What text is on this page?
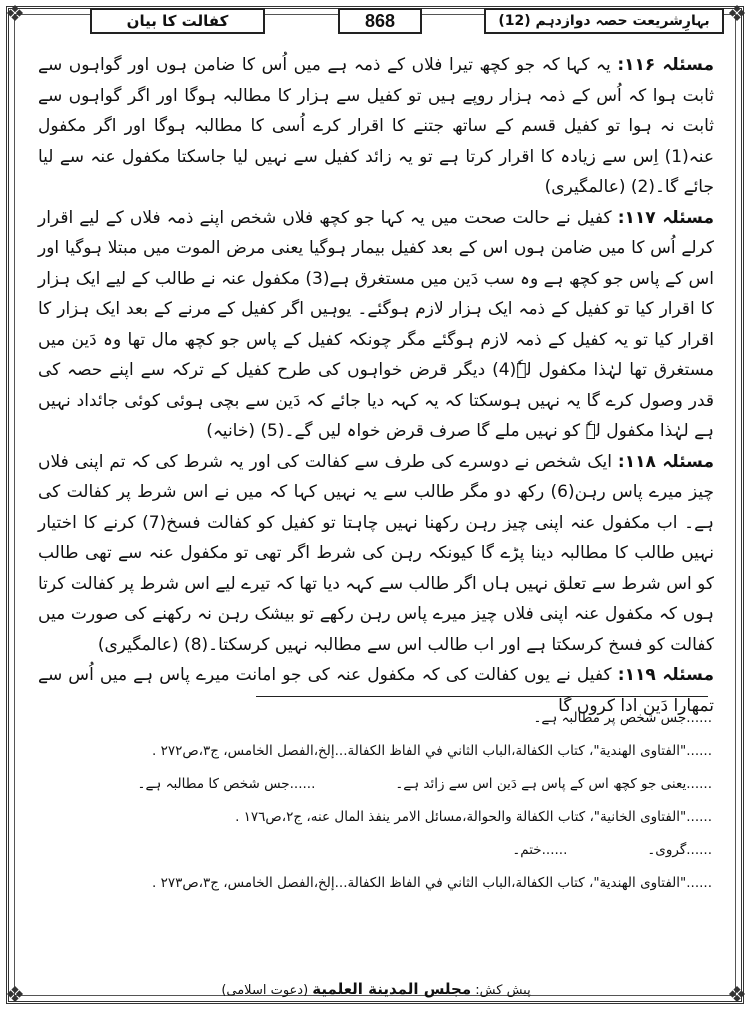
❖	❖
❖	❖
کفالت کا بیان	868	بہارِشریعت حصہ دوازدہم (12)

مسئلہ ۱۱۶: یہ کہا کہ جو کچھ تیرا فلاں کے ذمہ ہے میں اُس کا ضامن ہوں اور گواہوں سے ثابت ہوا کہ اُس کے ذمہ ہزار روپے ہیں تو کفیل سے ہزار کا مطالبہ ہوگا اور اگر گواہوں سے ثابت نہ ہوا تو کفیل قسم کے ساتھ جتنے کا اقرار کرے اُسی کا مطالبہ ہوگا اور اگر مکفول عنہ(1) اِس سے زیادہ کا اقرار کرتا ہے تو یہ زائد کفیل سے نہیں لیا جاسکتا مکفول عنہ سے لیا جائے گا۔(2) (عالمگیری)

مسئلہ ۱۱۷: کفیل نے حالت صحت میں یہ کہا جو کچھ فلاں شخص اپنے ذمہ فلاں کے لیے اقرار کرلے اُس کا میں ضامن ہوں اس کے بعد کفیل بیمار ہوگیا یعنی مرض الموت میں مبتلا ہوگیا اور اس کے پاس جو کچھ ہے وہ سب دَین میں مستغرق ہے(3) مکفول عنہ نے طالب کے لیے ایک ہزار کا اقرار کیا تو کفیل کے ذمہ ایک ہزار لازم ہوگئے۔ یوہیں اگر کفیل کے مرنے کے بعد ایک ہزار کا اقرار کیا تو یہ کفیل کے ذمہ لازم ہوگئے مگر چونکہ کفیل کے پاس جو کچھ مال تھا وہ دَین میں مستغرق تھا لہٰذا مکفول لہٗ(4) دیگر قرض خواہوں کی طرح کفیل کے ترکہ سے اپنے حصہ کی قدر وصول کرے گا یہ نہیں ہوسکتا کہ یہ کہہ دیا جائے کہ دَین سے بچی ہوئی کوئی جائداد نہیں ہے لہٰذا مکفول لہٗ کو نہیں ملے گا صرف قرض خواہ لیں گے۔(5) (خانیہ)

مسئلہ ۱۱۸: ایک شخص نے دوسرے کی طرف سے کفالت کی اور یہ شرط کی کہ تم اپنی فلاں چیز میرے پاس رہن(6) رکھ دو مگر طالب سے یہ نہیں کہا کہ میں نے اس شرط پر کفالت کی ہے۔ اب مکفول عنہ اپنی چیز رہن رکھنا نہیں چاہتا تو کفیل کو کفالت فسخ(7) کرنے کا اختیار نہیں طالب کا مطالبہ دینا پڑے گا کیونکہ رہن کی شرط اگر تھی تو مکفول عنہ سے تھی طالب کو اس شرط سے تعلق نہیں ہاں اگر طالب سے کہہ دیا تھا کہ تیرے لیے اس شرط پر کفالت کرتا ہوں کہ مکفول عنہ اپنی فلاں چیز میرے پاس رہن رکھے تو بیشک رہن نہ رکھنے کی صورت میں کفالت کو فسخ کرسکتا ہے اور اب طالب اس سے مطالبہ نہیں کرسکتا۔(8) (عالمگیری)

مسئلہ ۱۱۹: کفیل نے یوں کفالت کی کہ مکفول عنہ کی جو امانت میرے پاس ہے میں اُس سے تمھارا دَین ادا کروں گا

......جس شخص پر مطالبہ ہے۔

......"الفتاوى الهندية"، كتاب الكفالة،الباب الثاني في الفاظ الكفالة...إلخ،الفصل الخامس، ج٣،ص٢٧٢ .

......یعنی جو کچھ اس کے پاس ہے دَین اس سے زائد ہے۔
......جس شخص کا مطالبہ ہے۔

......"الفتاوى الخانية"، كتاب الكفالة والحوالة،مسائل الامر ينفذ المال عنه، ج٢،ص١٧٦ .

......گروی۔
......ختم۔

......"الفتاوى الهندية"، كتاب الكفالة،الباب الثاني في الفاظ الكفالة...إلخ،الفصل الخامس، ج٣،ص٢٧٣ .

پیش کش: مجلس المدینة العلمیة (دعوت اسلامی)
